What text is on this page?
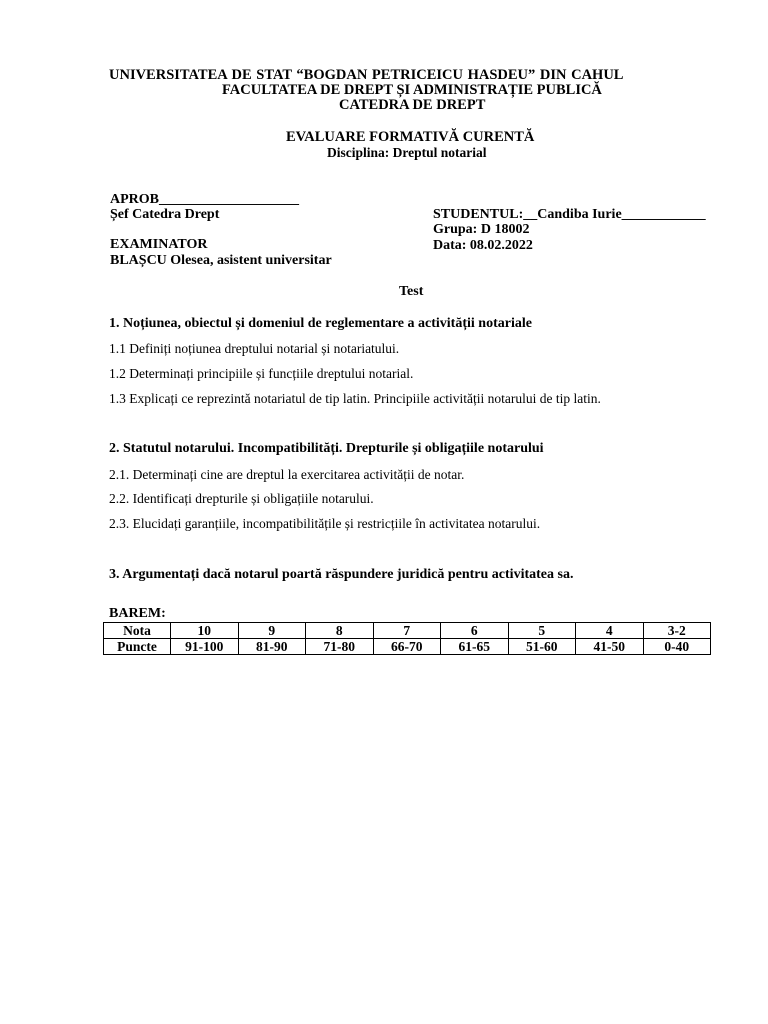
UNIVERSITATEA DE STAT “BOGDAN PETRICEICU HASDEU” DIN CAHUL
FACULTATEA DE DREPT ȘI ADMINISTRAȚIE PUBLICĂ
CATEDRA DE DREPT
EVALUARE FORMATIVĂ CURENTĂ
Disciplina: Dreptul notarial
APROB____________________
Șef Catedra Drept
EXAMINATOR
BLAȘCU Olesea, asistent universitar
STUDENTUL:__Candiba Iurie____________
Grupa: D 18002
Data: 08.02.2022
Test
1. Noțiunea, obiectul și domeniul de reglementare a activității notariale
1.1 Definiți noțiunea dreptului notarial și notariatului.
1.2 Determinați principiile și funcțiile dreptului notarial.
1.3 Explicați ce reprezintă notariatul de tip latin. Principiile activității notarului de tip latin.
2. Statutul notarului. Incompatibilități. Drepturile și obligațiile notarului
2.1. Determinați cine are dreptul la exercitarea activității de notar.
2.2. Identificați drepturile și obligațiile notarului.
2.3. Elucidați garanțiile, incompatibilitățile și restricțiile în activitatea notarului.
3. Argumentați dacă notarul poartă răspundere juridică pentru activitatea sa.
BAREM:
Nota	10	9	8	7	6	5	4	3-2
Puncte	91-100	81-90	71-80	66-70	61-65	51-60	41-50	0-40
